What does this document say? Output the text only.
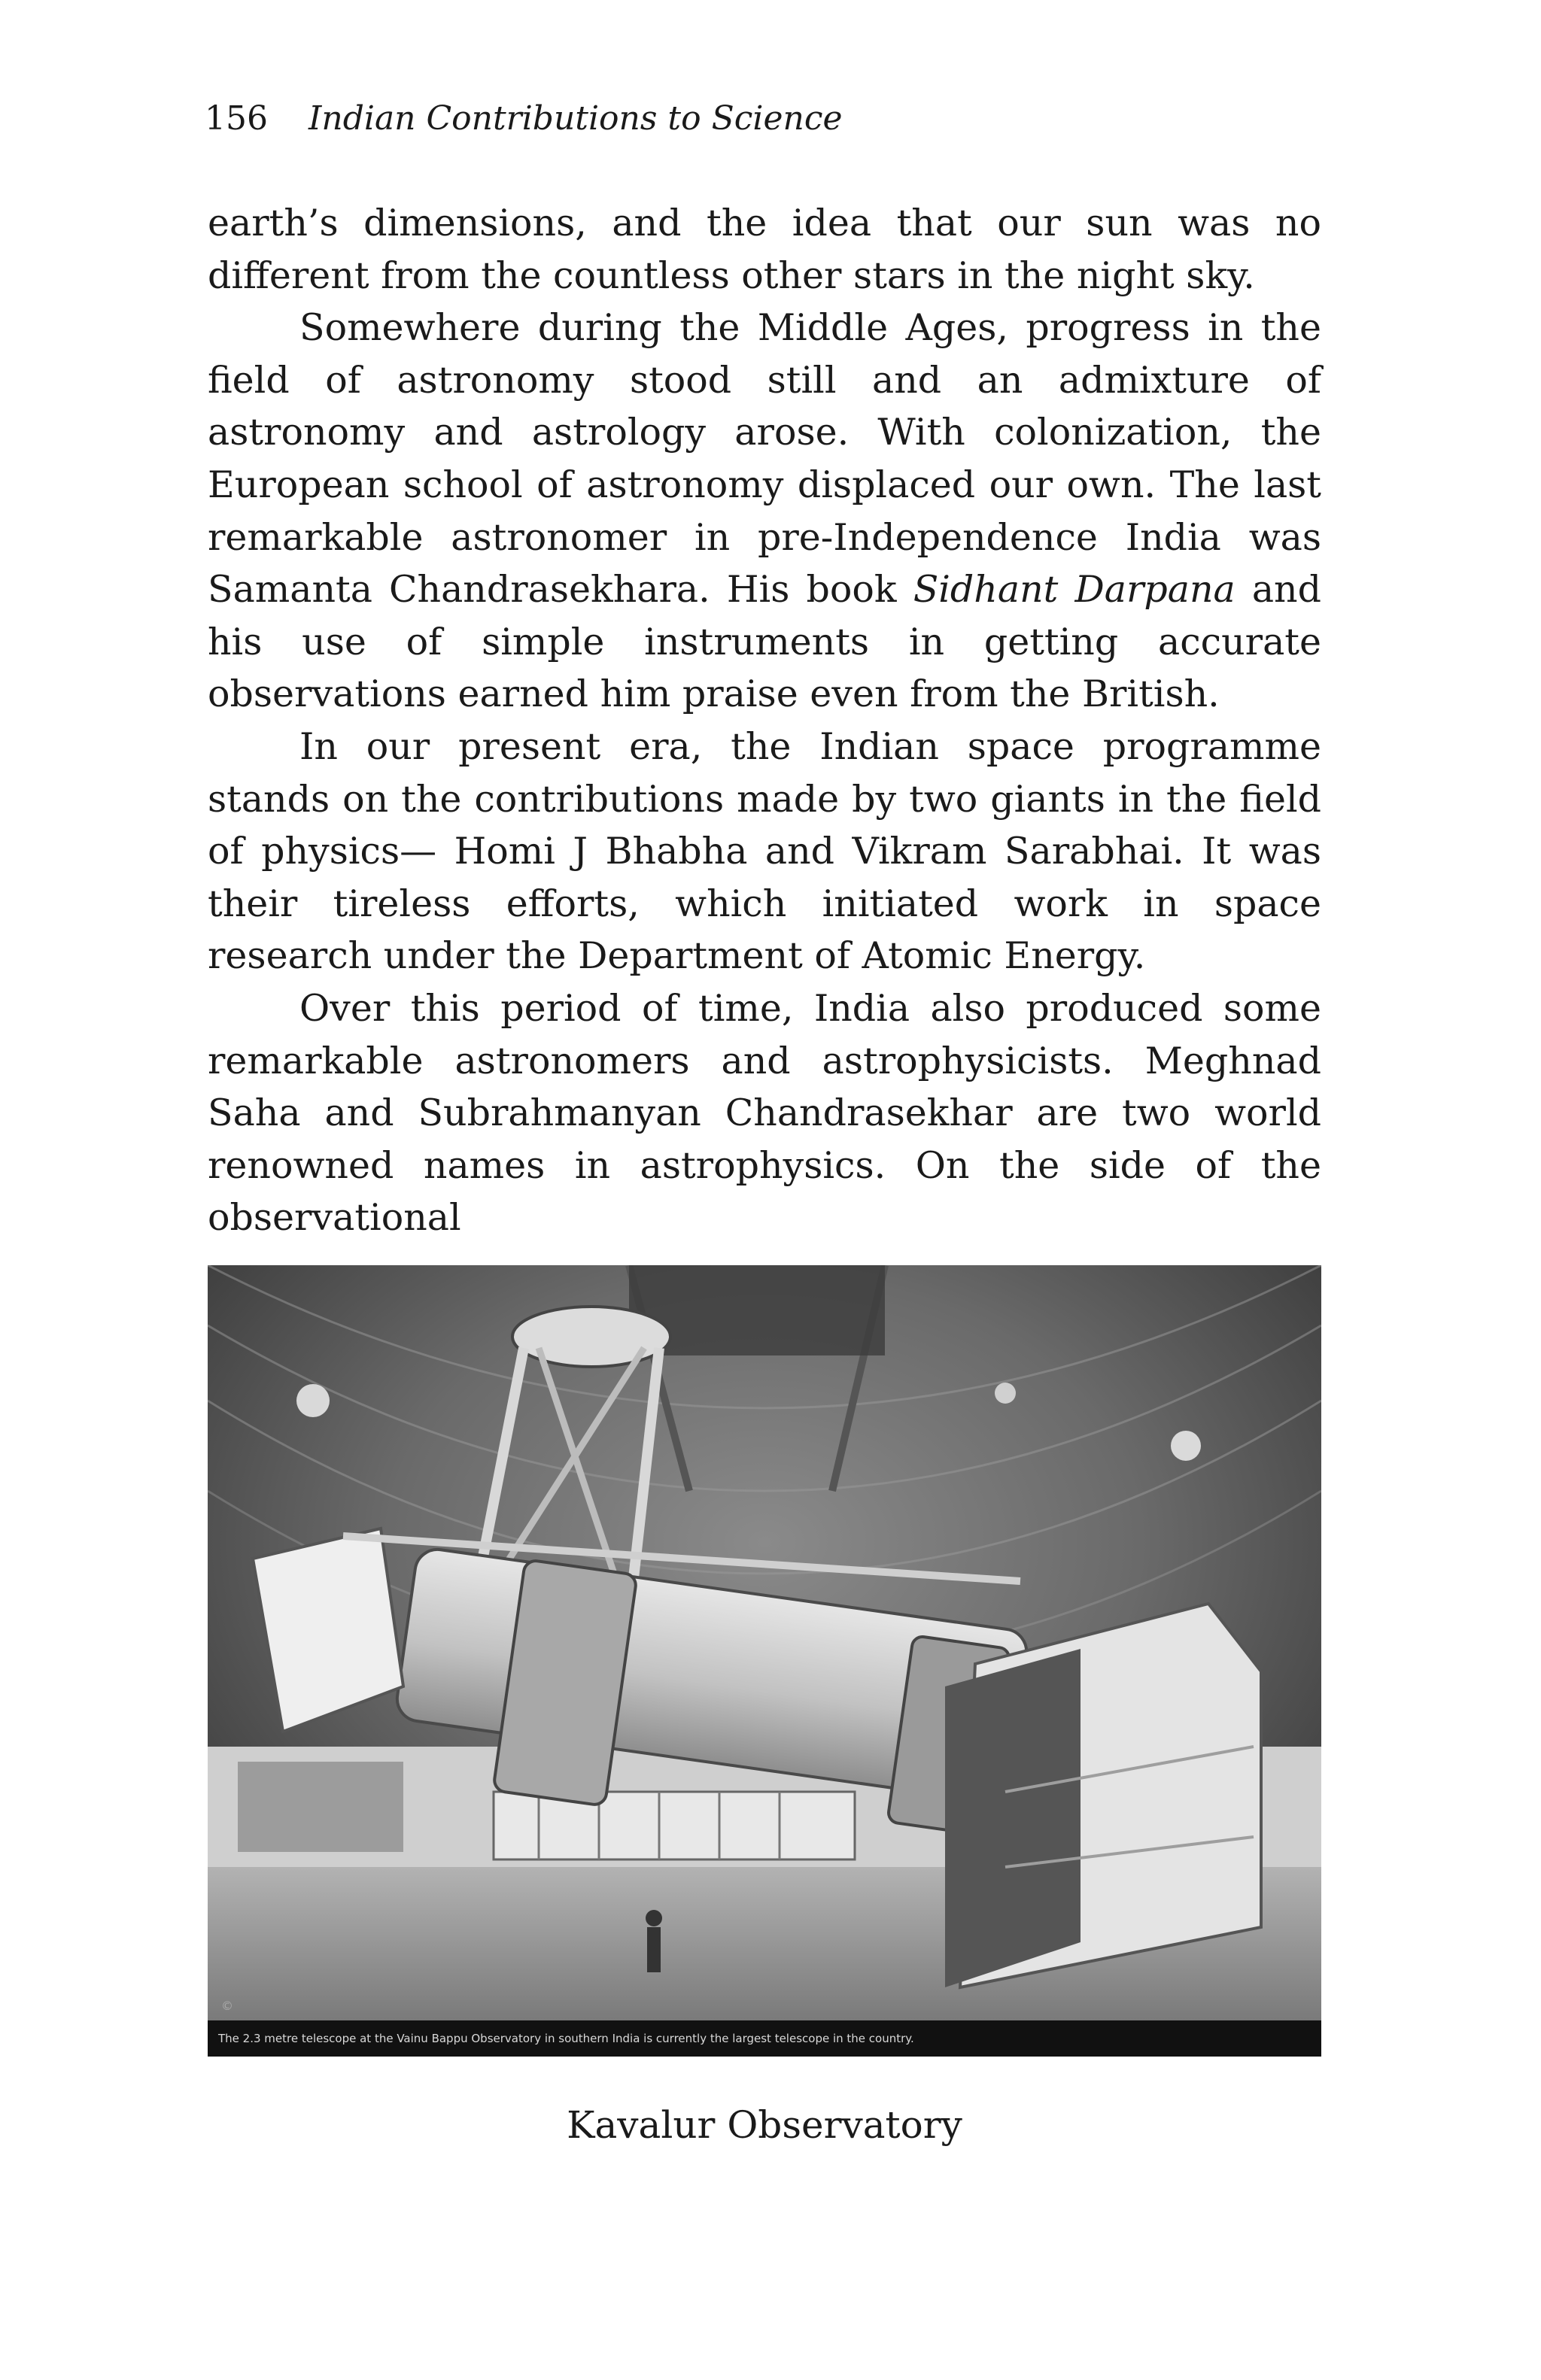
156 Indian Contributions to Science

earth’s dimensions, and the idea that our sun was no different from the countless other stars in the night sky.

Somewhere during the Middle Ages, progress in the field of astronomy stood still and an admixture of astronomy and astrology arose. With colonization, the European school of astronomy displaced our own. The last remarkable astronomer in pre-Independence India was Samanta Chandrasekhara. His book Sidhant Darpana and his use of simple instruments in getting accurate observations earned him praise even from the British.

In our present era, the Indian space programme stands on the contributions made by two giants in the field of physics— Homi J Bhabha and Vikram Sarabhai. It was their tireless efforts, which initiated work in space research under the Department of Atomic Energy.

Over this period of time, India also produced some remarkable astronomers and astrophysicists. Meghnad Saha and Subrahmanyan Chandrasekhar are two world renowned names in astrophysics. On the side of the observational

©
The 2.3 metre telescope at the Vainu Bappu Observatory in southern India is currently the largest telescope in the country.
Kavalur Observatory
